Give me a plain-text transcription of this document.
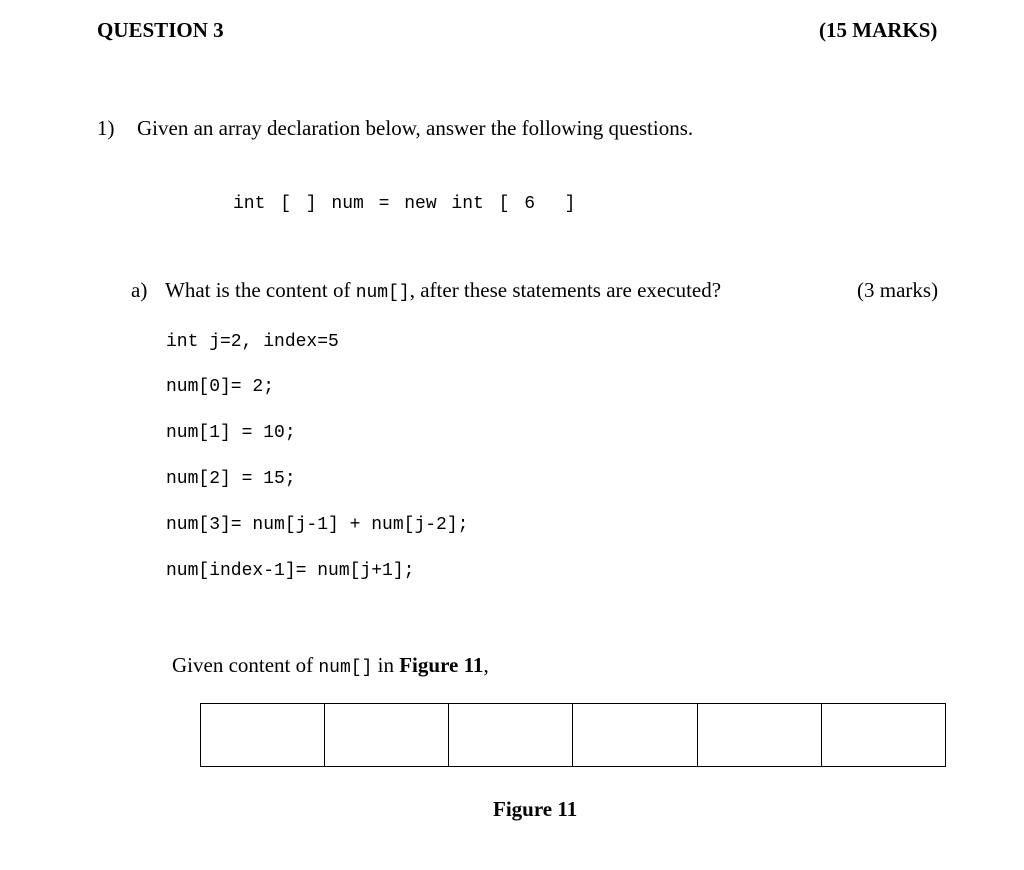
QUESTION 3	(15 MARKS)
1) Given an array declaration below, answer the following questions.
int [ ] num = new int [ 6  ]
a) What is the content of num[], after these statements are executed?	(3 marks)
int j=2, index=5
num[0]= 2;
num[1] = 10;
num[2] = 15;
num[3]= num[j-1] + num[j-2];
num[index-1]= num[j+1];
Given content of num[] in Figure 11,

Figure 11
